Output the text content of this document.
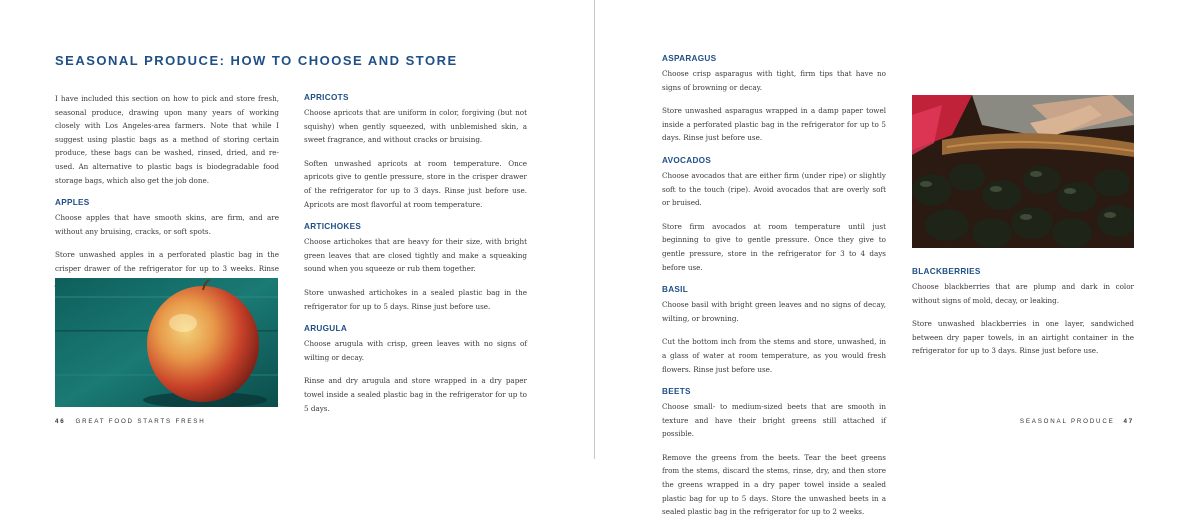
SEASONAL PRODUCE: HOW TO CHOOSE AND STORE

I have included this section on how to pick and store fresh, seasonal produce, drawing upon many years of working closely with Los Angeles-area farmers. Note that while I suggest using plastic bags as a method of storing certain produce, these bags can be washed, rinsed, dried, and re-used. An alternative to plastic bags is biodegradable food storage bags, which also get the job done.

APPLES

Choose apples that have smooth skins, are firm, and are without any bruising, cracks, or soft spots.

Store unwashed apples in a perforated plastic bag in the crisper drawer of the refrigerator for up to 3 weeks. Rinse

APRICOTS

Choose apricots that are uniform in color, forgiving (but not squishy) when gently squeezed, with unblemished skin, a sweet fragrance, and without cracks or bruising.

Soften unwashed apricots at room temperature. Once apricots give to gentle pressure, store in the crisper drawer of the refrigerator for up to 3 days. Rinse just before use. Apricots are most flavorful at room temperature.

ARTICHOKES

Choose artichokes that are heavy for their size, with bright green leaves that are closed tightly and make a squeaking sound when you squeeze or rub them together.

Store unwashed artichokes in a sealed plastic bag in the refrigerator for up to 5 days. Rinse just before use.

ARUGULA

Choose arugula with crisp, green leaves with no signs of wilting or decay.

Rinse and dry arugula and store wrapped in a dry paper towel inside a sealed plastic bag in the refrigerator for up to 5 days.

46 GREAT FOOD STARTS FRESH
ASPARAGUS

Choose crisp asparagus with tight, firm tips that have no signs of browning or decay.

Store unwashed asparagus wrapped in a damp paper towel inside a perforated plastic bag in the refrigerator for up to 5 days. Rinse just before use.

AVOCADOS

Choose avocados that are either firm (under ripe) or slightly soft to the touch (ripe). Avoid avocados that are overly soft or bruised.

Store firm avocados at room temperature until just beginning to give to gentle pressure. Once they give to gentle pressure, store in the refrigerator for 3 to 4 days before use.

BASIL

Choose basil with bright green leaves and no signs of decay, wilting, or browning.

Cut the bottom inch from the stems and store, unwashed, in a glass of water at room temperature, as you would fresh flowers. Rinse just before use.

BEETS

Choose small- to medium-sized beets that are smooth in texture and have their bright greens still attached if possible.

Remove the greens from the beets. Tear the beet greens from the stems, discard the stems, rinse, dry, and then store the greens wrapped in a dry paper towel inside a sealed plastic bag for up to 5 days. Store the unwashed beets in a sealed plastic bag in the refrigerator for up to 2 weeks.

BLACKBERRIES

Choose blackberries that are plump and dark in color without signs of mold, decay, or leaking.

Store unwashed blackberries in one layer, sandwiched between dry paper towels, in an airtight container in the refrigerator for up to 3 days. Rinse just before use.

SEASONAL PRODUCE 47
